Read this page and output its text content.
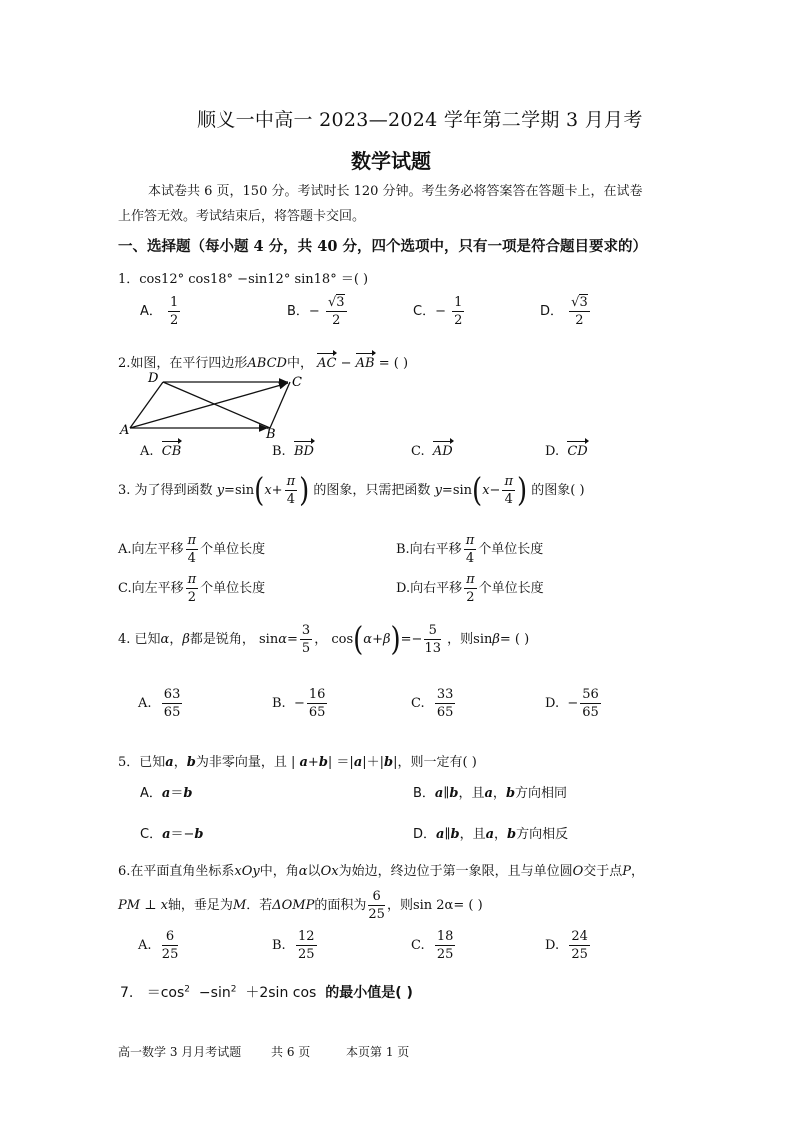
顺义一中高一 2023—2024 学年第二学期 3 月月考
数学试题
本试卷共 6 页，150 分。考试时长 120 分钟。考生务必将答案答在答题卡上，在试卷
上作答无效。考试结束后，将答题卡交回。
一、选择题（每小题 4 分，共 40 分，四个选项中，只有一项是符合题目要求的）
1．cos12° cos18° −sin12° sin18° ＝( )
A． $\frac{1}{2}$	B．− $\frac{√3}{2}$	C．− $\frac{1}{2}$	D． $\frac{√3}{2}$
2.如图，在平行四边形ABCD中， AC − AB = ( )
D	C
A	B
A. CB	B. BD	C. AD	D. CD
3. 为了得到函数 $y=\sin(x+ \frac{\pi}{4}$ ) 的图象，只需把函数 $y=\sin(x- \frac{\pi}{4}$ ) 的图象( )
A.向左平移 $\frac{\pi}{4}$ 个单位长度	B.向右平移 $\frac{\pi}{4}$ 个单位长度
C.向左平移 $\frac{\pi}{2}$ 个单位长度	D.向右平移 $\frac{\pi}{2}$ 个单位长度
4. 已知α，β都是锐角， $\sin\alpha= \frac{3}{5}$ ， $\cos(\alpha+\beta)=- \frac{5}{13}$ ，则sinβ= ( )
A. $\frac{63}{65}$	B. − $\frac{16}{65}$	C. $\frac{33}{65}$	D. − $\frac{56}{65}$
5．已知a，b为非零向量，且 | a+b| ＝|a|＋|b|，则一定有( )
A．a＝b	B．a∥b，且a，b方向相同
C．a＝−b	D．a∥b，且a，b方向相反
6.在平面直角坐标系xOy中，角α以Ox为始边，终边位于第一象限，且与单位圆O交于点P，
PM ⊥ x轴，垂足为M．若ΔOMP的面积为 $\frac{6}{25}$ ，则sin 2α= ( )
A. $\frac{6}{25}$	B. $\frac{12}{25}$	C. $\frac{18}{25}$	D. $\frac{24}{25}$
7. $=\cos^2 -\sin^2 +2\sin$ cos 的最小值是( )
高一数学 3 月月考试题 共 6 页	本页第 1 页
